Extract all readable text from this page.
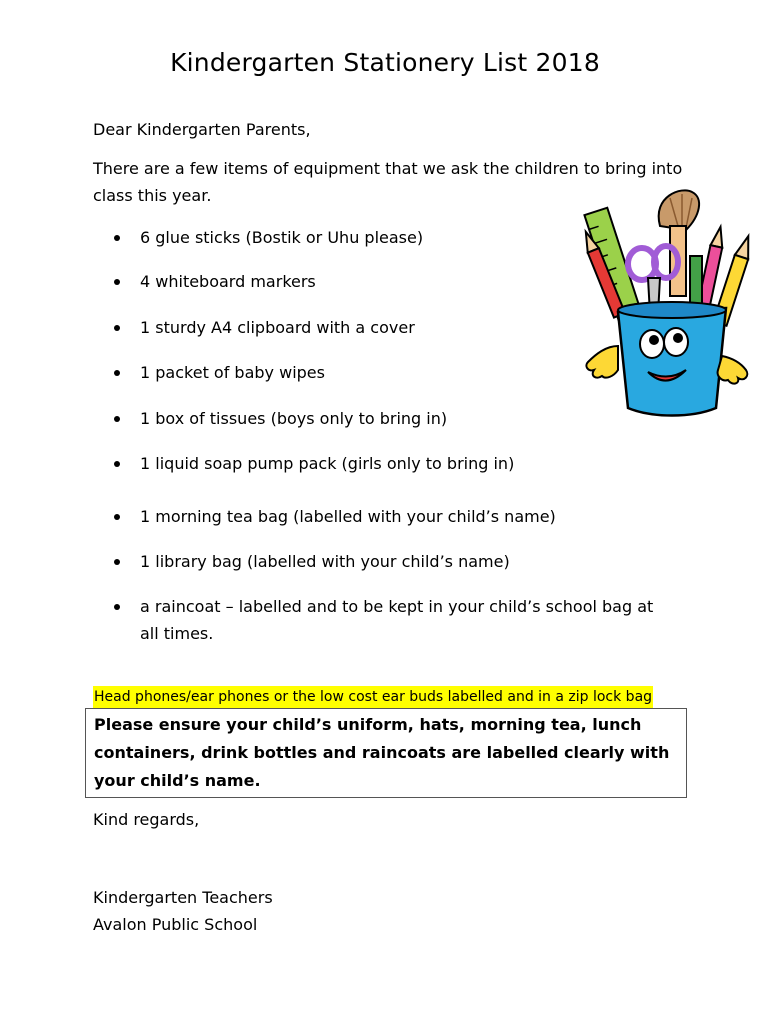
Kindergarten Stationery List 2018
Dear Kindergarten Parents,
There are a few items of equipment that we ask the children to bring into class this year.
6 glue sticks (Bostik or Uhu please)
4 whiteboard markers
1 sturdy A4 clipboard with a cover
1 packet of baby wipes
1 box of tissues (boys only to bring in)
1 liquid soap pump pack (girls only to bring in)
1 morning tea bag (labelled with your child’s name)
1 library bag (labelled with your child’s name)
a raincoat – labelled and to be kept in your child’s school bag at all times.
Head phones/ear phones or the low cost ear buds labelled and in a zip lock bag
Please ensure your child’s uniform, hats, morning tea, lunch containers, drink bottles and raincoats are labelled clearly with your child’s name.
Kind regards,
Kindergarten Teachers
Avalon Public School
